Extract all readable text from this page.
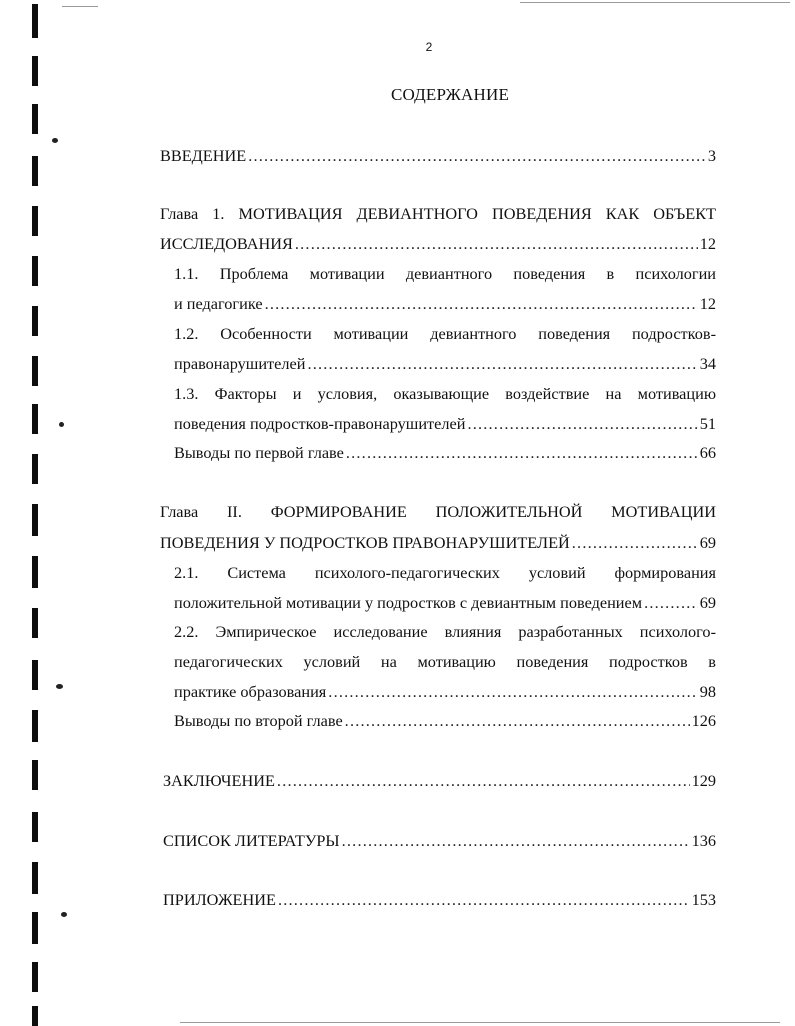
2
СОДЕРЖАНИЕ
ВВЕДЕНИЕ .....	3
Глава 1. МОТИВАЦИЯ ДЕВИАНТНОГО ПОВЕДЕНИЯ КАК ОБЪЕКТ
ИССЛЕДОВАНИЯ .....	12
1.1. Проблема мотивации девиантного поведения в психологии
и педагогике .....	12
1.2. Особенности мотивации девиантного поведения подростков-
правонарушителей .....	34
1.3. Факторы и условия, оказывающие воздействие на мотивацию
поведения подростков-правонарушителей .....	51
Выводы по первой главе .....	66
Глава II. ФОРМИРОВАНИЕ ПОЛОЖИТЕЛЬНОЙ МОТИВАЦИИ
ПОВЕДЕНИЯ У ПОДРОСТКОВ ПРАВОНАРУШИТЕЛЕЙ .....	69
2.1. Система психолого-педагогических условий формирования
положительной мотивации у подростков с девиантным поведением .....	69
2.2. Эмпирическое исследование влияния разработанных психолого-
педагогических условий на мотивацию поведения подростков в
практике образования .....	98
Выводы по второй главе .....	126
ЗАКЛЮЧЕНИЕ .....	129
СПИСОК ЛИТЕРАТУРЫ .....	136
ПРИЛОЖЕНИЕ .....	153
